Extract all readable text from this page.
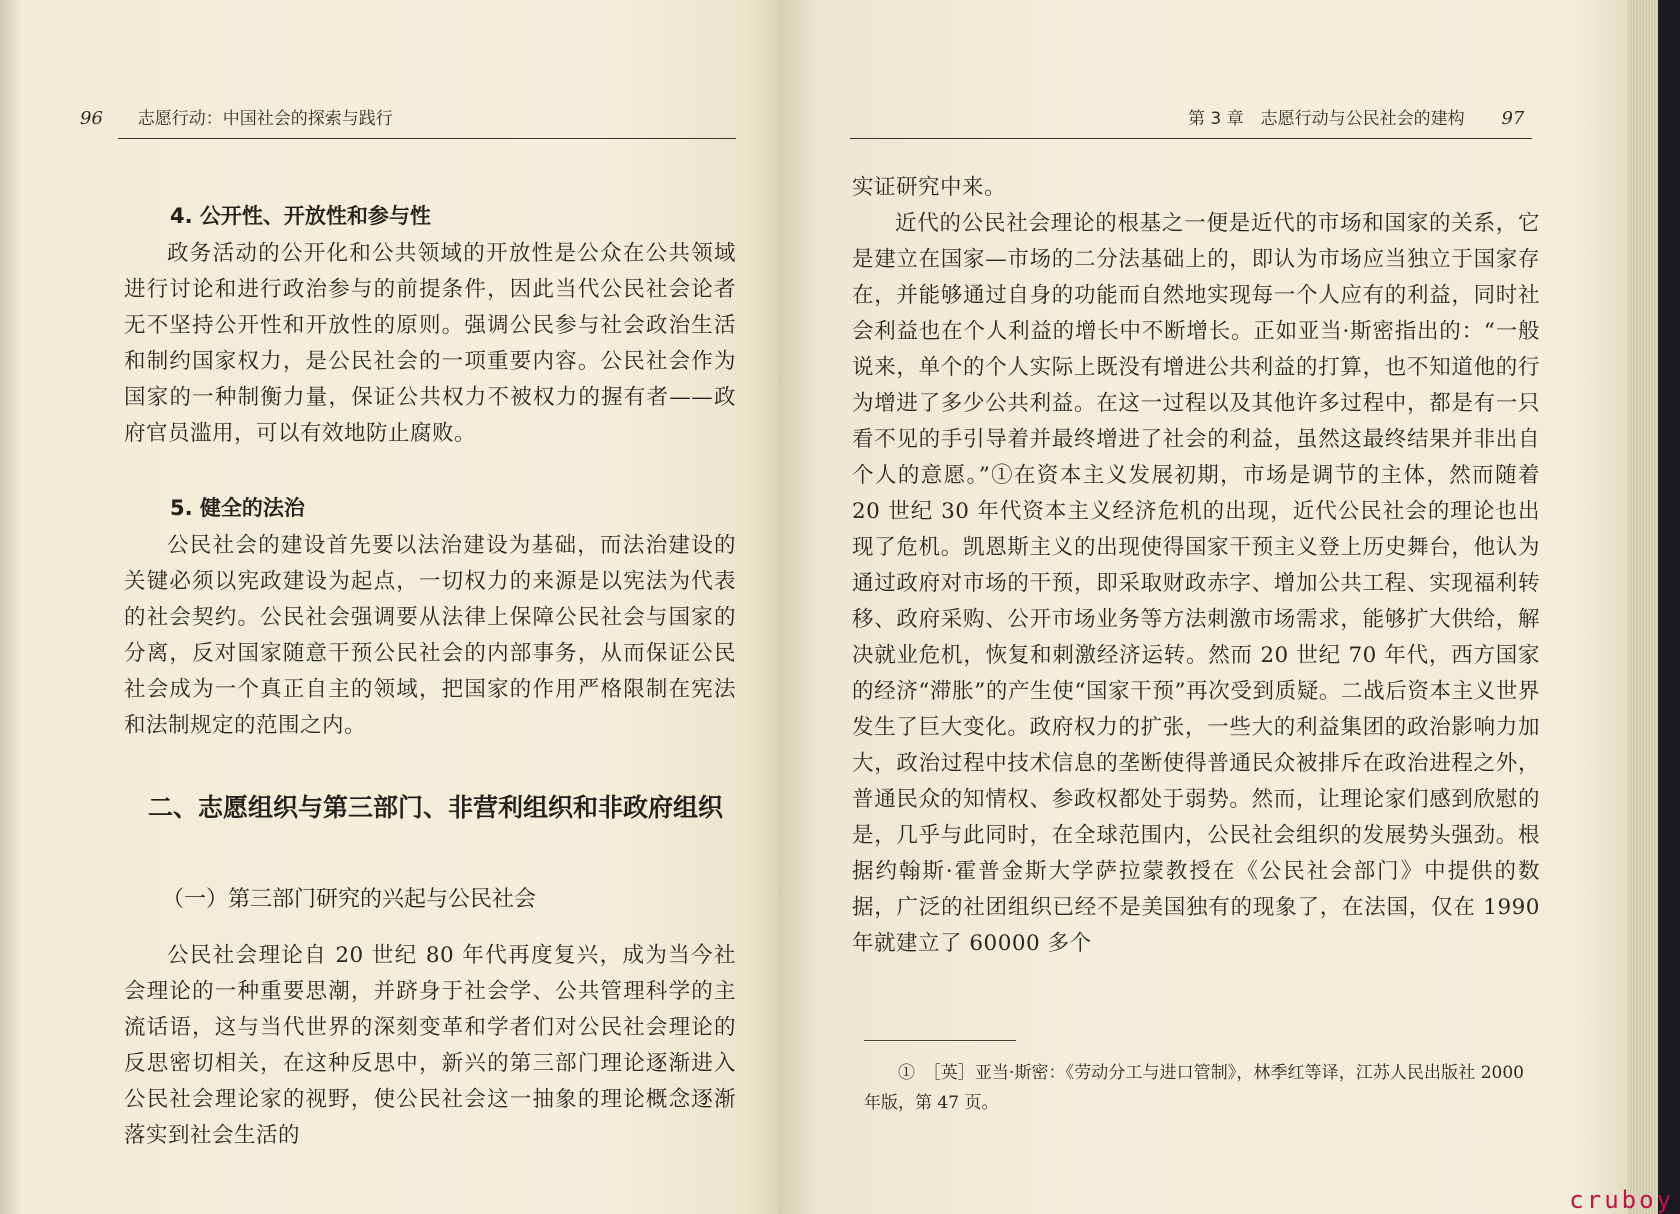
96 志愿行动：中国社会的探索与践行
4. 公开性、开放性和参与性

政务活动的公开化和公共领域的开放性是公众在公共领域进行讨论和进行政治参与的前提条件，因此当代公民社会论者无不坚持公开性和开放性的原则。强调公民参与社会政治生活和制约国家权力，是公民社会的一项重要内容。公民社会作为国家的一种制衡力量，保证公共权力不被权力的握有者——政府官员滥用，可以有效地防止腐败。

5. 健全的法治

公民社会的建设首先要以法治建设为基础，而法治建设的关键必须以宪政建设为起点，一切权力的来源是以宪法为代表的社会契约。公民社会强调要从法律上保障公民社会与国家的分离，反对国家随意干预公民社会的内部事务，从而保证公民社会成为一个真正自主的领域，把国家的作用严格限制在宪法和法制规定的范围之内。

二、志愿组织与第三部门、非营利组织和非政府组织
（一）第三部门研究的兴起与公民社会

公民社会理论自 20 世纪 80 年代再度复兴，成为当今社会理论的一种重要思潮，并跻身于社会学、公共管理科学的主流话语，这与当代世界的深刻变革和学者们对公民社会理论的反思密切相关，在这种反思中，新兴的第三部门理论逐渐进入公民社会理论家的视野，使公民社会这一抽象的理论概念逐渐落实到社会生活的

第 3 章　志愿行动与公民社会的建构 97
实证研究中来。

近代的公民社会理论的根基之一便是近代的市场和国家的关系，它是建立在国家—市场的二分法基础上的，即认为市场应当独立于国家存在，并能够通过自身的功能而自然地实现每一个人应有的利益，同时社会利益也在个人利益的增长中不断增长。正如亚当·斯密指出的：“一般说来，单个的个人实际上既没有增进公共利益的打算，也不知道他的行为增进了多少公共利益。在这一过程以及其他许多过程中，都是有一只看不见的手引导着并最终增进了社会的利益，虽然这最终结果并非出自个人的意愿。”①在资本主义发展初期，市场是调节的主体，然而随着 20 世纪 30 年代资本主义经济危机的出现，近代公民社会的理论也出现了危机。凯恩斯主义的出现使得国家干预主义登上历史舞台，他认为通过政府对市场的干预，即采取财政赤字、增加公共工程、实现福利转移、政府采购、公开市场业务等方法刺激市场需求，能够扩大供给，解决就业危机，恢复和刺激经济运转。然而 20 世纪 70 年代，西方国家的经济“滞胀”的产生使“国家干预”再次受到质疑。二战后资本主义世界发生了巨大变化。政府权力的扩张，一些大的利益集团的政治影响力加大，政治过程中技术信息的垄断使得普通民众被排斥在政治进程之外，普通民众的知情权、参政权都处于弱势。然而，让理论家们感到欣慰的是，几乎与此同时，在全球范围内，公民社会组织的发展势头强劲。根据约翰斯·霍普金斯大学萨拉蒙教授在《公民社会部门》中提供的数据，广泛的社团组织已经不是美国独有的现象了，在法国，仅在 1990 年就建立了 60000 多个

①　［英］亚当·斯密：《劳动分工与进口管制》，林季红等译，江苏人民出版社 2000 年版，第 47 页。
cruboy
